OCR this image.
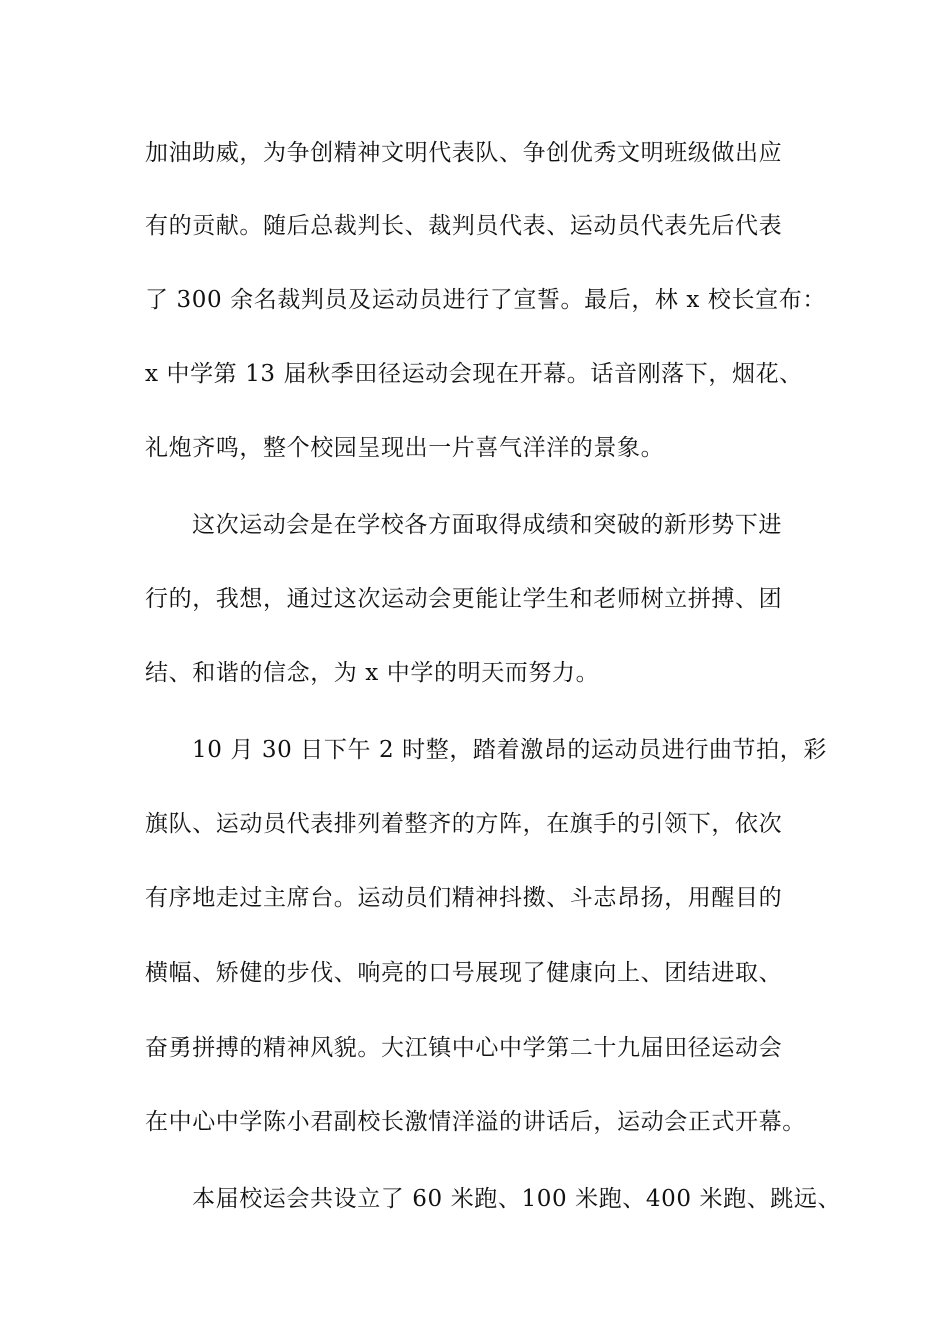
加油助威，为争创精神文明代表队、争创优秀文明班级做出应
有的贡献。随后总裁判长、裁判员代表、运动员代表先后代表
了 300 余名裁判员及运动员进行了宣誓。最后，林 x 校长宣布：
x 中学第 13 届秋季田径运动会现在开幕。话音刚落下，烟花、
礼炮齐鸣，整个校园呈现出一片喜气洋洋的景象。
这次运动会是在学校各方面取得成绩和突破的新形势下进
行的，我想，通过这次运动会更能让学生和老师树立拼搏、团
结、和谐的信念，为 x 中学的明天而努力。
10 月 30 日下午 2 时整，踏着激昂的运动员进行曲节拍，彩
旗队、运动员代表排列着整齐的方阵，在旗手的引领下，依次
有序地走过主席台。运动员们精神抖擞、斗志昂扬，用醒目的
横幅、矫健的步伐、响亮的口号展现了健康向上、团结进取、
奋勇拼搏的精神风貌。大江镇中心中学第二十九届田径运动会
在中心中学陈小君副校长激情洋溢的讲话后，运动会正式开幕。
本届校运会共设立了 60 米跑、100 米跑、400 米跑、跳远、
